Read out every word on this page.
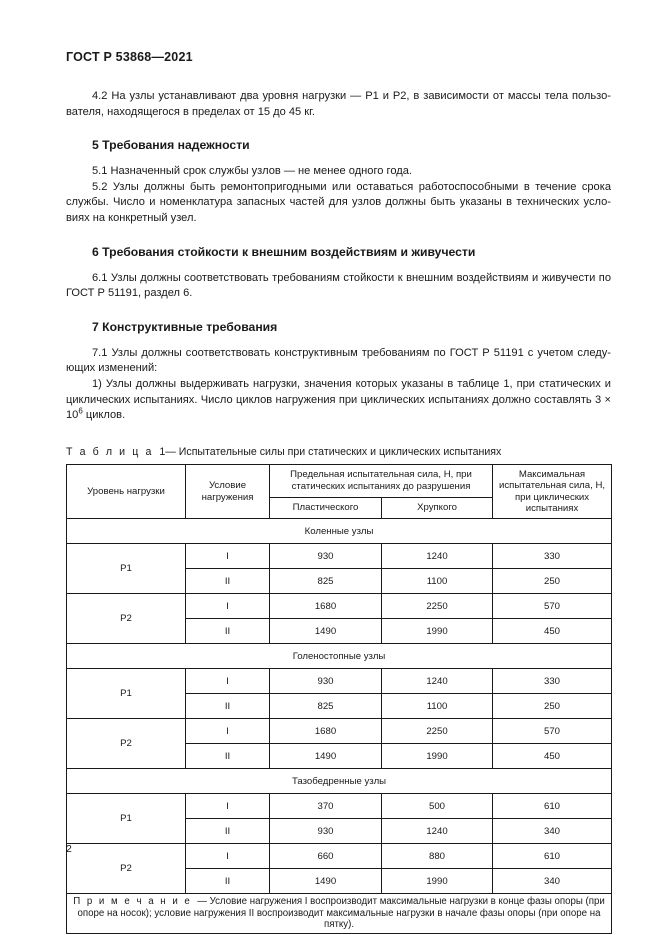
ГОСТ Р 53868—2021

4.2 На узлы устанавливают два уровня нагрузки — Р1 и Р2, в зависимости от массы тела пользо-вателя, находящегося в пределах от 15 до 45 кг.

5 Требования надежности

5.1 Назначенный срок службы узлов — не менее одного года.

5.2 Узлы должны быть ремонтопригодными или оставаться работоспособными в течение срока службы. Число и номенклатура запасных частей для узлов должны быть указаны в технических усло-виях на конкретный узел.

6 Требования стойкости к внешним воздействиям и живучести

6.1 Узлы должны соответствовать требованиям стойкости к внешним воздействиям и живучести по ГОСТ Р 51191, раздел 6.

7 Конструктивные требования

7.1 Узлы должны соответствовать конструктивным требованиям по ГОСТ Р 51191 с учетом следу-ющих изменений:

1) Узлы должны выдерживать нагрузки, значения которых указаны в таблице 1, при статических и циклических испытаниях. Число циклов нагружения при циклических испытаниях должно составлять $3 \times 10^6$ циклов.

Т а б л и ц а 1— Испытательные силы при статических и циклических испытаниях
Уровень нагрузки	Условие нагружения	Предельная испытательная сила, Н, при статических испытаниях до разрушения		Максимальная испытательная сила, Н, при циклических испытаниях
		Пластического	Хрупкого	
Коленные узлы				
Р1	I	930	1240	330
	II	825	1100	250
Р2	I	1680	2250	570
	II	1490	1990	450
Голеностопные узлы				
Р1	I	930	1240	330
	II	825	1100	250
Р2	I	1680	2250	570
	II	1490	1990	450
Тазобедренные узлы				
Р1	I	370	500	610
	II	930	1240	340
Р2	I	660	880	610
	II	1490	1990	340
П р и м е ч а н и е — Условие нагружения I воспроизводит максимальные нагрузки в конце фазы опоры (при опоре на носок); условие нагружения II воспроизводит максимальные нагрузки в начале фазы опоры (при опоре на пятку).				
2
